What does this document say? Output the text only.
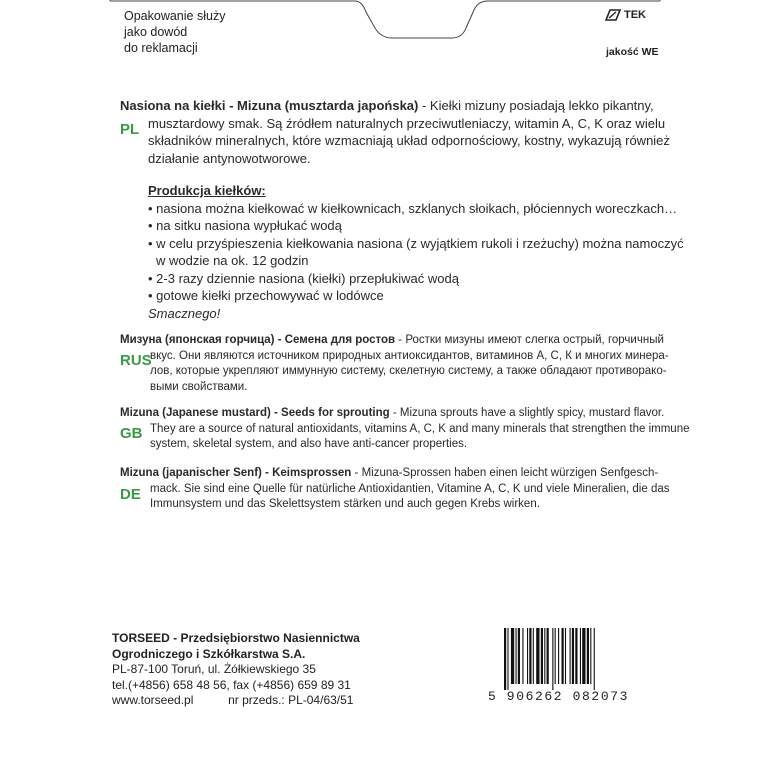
Opakowanie służy
jako dowód
do reklamacji
TEK
jakość WE
PL
Nasiona na kiełki - Mizuna (musztarda japońska) - Kiełki mizuny posiadają lekko pikantny,
musztardowy smak. Są źródłem naturalnych przeciwutleniaczy, witamin A, C, K oraz wielu
składników mineralnych, które wzmacniają układ odpornościowy, kostny, wykazują również
działanie antynowotworowe.
Produkcja kiełków:
• nasiona można kiełkować w kiełkownicach, szklanych słoikach, płóciennych woreczkach…
• na sitku nasiona wypłukać wodą
• w celu przyśpieszenia kiełkowania nasiona (z wyjątkiem rukoli i rzeżuchy) można namoczyć
w wodzie na ok. 12 godzin
• 2-3 razy dziennie nasiona (kiełki) przepłukiwać wodą
• gotowe kiełki przechowywać w lodówce
Smacznego!
RUS
Мизуна (японская горчица) - Семена для ростов - Ростки мизуны имеют слегка острый, горчичный
вкус. Они являются источником природных антиоксидантов, витаминов А, С, К и многих минера-
лов, которые укрепляют иммунную систему, скелетную систему, а также обладают противорако-
выми свойствами.
GB
Mizuna (Japanese mustard) - Seeds for sprouting - Mizuna sprouts have a slightly spicy, mustard flavor.
They are a source of natural antioxidants, vitamins A, C, K and many minerals that strengthen the immune
system, skeletal system, and also have anti-cancer properties.
DE
Mizuna (japanischer Senf) - Keimsprossen - Mizuna-Sprossen haben einen leicht würzigen Senfgesch-
mack. Sie sind eine Quelle für natürliche Antioxidantien, Vitamine A, C, K und viele Mineralien, die das
Immunsystem und das Skelettsystem stärken und auch gegen Krebs wirken.
TORSEED - Przedsiębiorstwo Nasiennictwa
Ogrodniczego i Szkółkarstwa S.A.
PL-87-100 Toruń, ul. Żółkiewskiego 35
tel.(+4856) 658 48 56, fax (+4856) 659 89 31
www.torseed.pl	nr przeds.: PL-04/63/51	5 906262 082073
